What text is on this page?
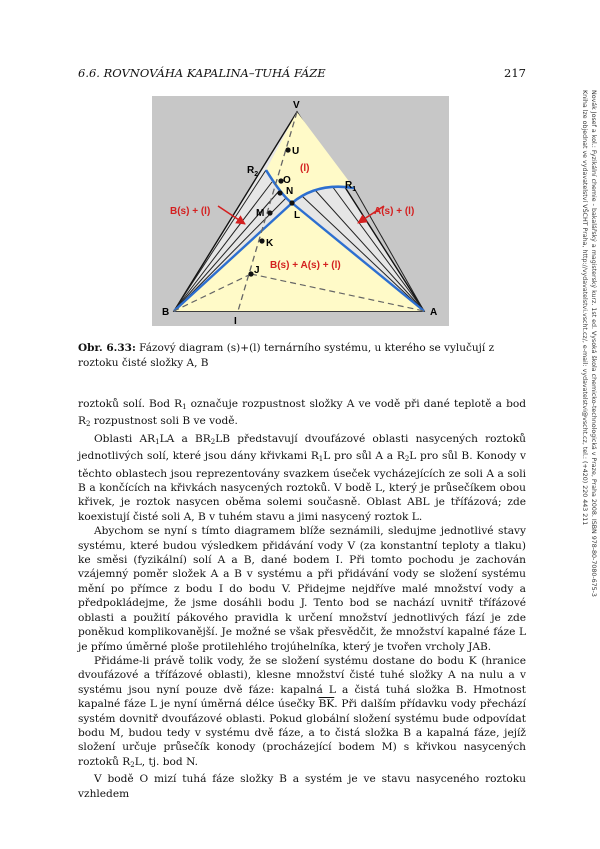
6.6. ROVNOVÁHA KAPALINA–TUHÁ FÁZE	217
Novák Josef a kol.: Fyzikální chemie - bakalářský a magisterský kurz. 1st ed. Vysoká škola chemicko-technologická v Praze, Praha 2008. ISBN 978-80-7080-675-3
Kniha lze objednat ve vydavatelství VŠCHT Praha, http://vydavatelstvi.vscht.cz/, e-mail: vydavatelstvi@vscht.cz, tel.: (+420) 220 443 211
V
U
O
N
M	L
K
J
B	A
I
$R_2$
$R_1$
(l)
B(s) + (l)	A(s) + (l)
B(s) + A(s) + (l)
Obr. 6.33: Fázový diagram (s)+(l) ternárního systému, u kterého se vylučují z roztoku čisté složky A, B

roztoků solí. Bod $R_1$ označuje rozpustnost složky A ve vodě při dané teplotě a bod $R_2$ rozpustnost soli B ve vodě.

Oblasti $AR_1LA$ a $BR_2LB$ představují dvoufázové oblasti nasycených roztoků jednotlivých solí, které jsou dány křivkami $R_1L$ pro sůl A a $R_2L$ pro sůl B. Konody v těchto oblastech jsou reprezentovány svazkem úseček vycházejících ze soli A a soli B a končících na křivkách nasycených roztoků. V bodě L, který je průsečíkem obou křivek, je roztok nasycen oběma solemi současně. Oblast ABL je třífázová; zde koexistují čisté soli A, B v tuhém stavu a jimi nasycený roztok L.

Abychom se nyní s tímto diagramem blíže seznámili, sledujme jednotlivé stavy systému, které budou výsledkem přidávání vody V (za konstantní teploty a tlaku) ke směsi (fyzikální) solí A a B, dané bodem I. Při tomto pochodu je zachován vzájemný poměr složek A a B v systému a při přidávání vody se složení systému mění po přímce z bodu I do bodu V. Přidejme nejdříve malé množství vody a předpokládejme, že jsme dosáhli bodu J. Tento bod se nachází uvnitř třífázové oblasti a použití pákového pravidla k určení množství jednotlivých fází je zde poněkud komplikovanější. Je možné se však přesvědčit, že množství kapalné fáze L je přímo úměrné ploše protilehlého trojúhelníka, který je tvořen vrcholy JAB.

Přidáme-li právě tolik vody, že se složení systému dostane do bodu K (hranice dvoufázové a třífázové oblasti), klesne množství čisté tuhé složky A na nulu a v systému jsou nyní pouze dvě fáze: kapalná L a čistá tuhá složka B. Hmotnost kapalné fáze L je nyní úměrná délce úsečky $\overline{BK}$. Při dalším přídavku vody přechází systém dovnitř dvoufázové oblasti. Pokud globální složení systému bude odpovídat bodu M, budou tedy v systému dvě fáze, a to čistá složka B a kapalná fáze, jejíž složení určuje průsečík konody (procházející bodem M) s křivkou nasycených roztoků $R_2L$, tj. bod N.

V bodě O mizí tuhá fáze složky B a systém je ve stavu nasyceného roztoku vzhledem
